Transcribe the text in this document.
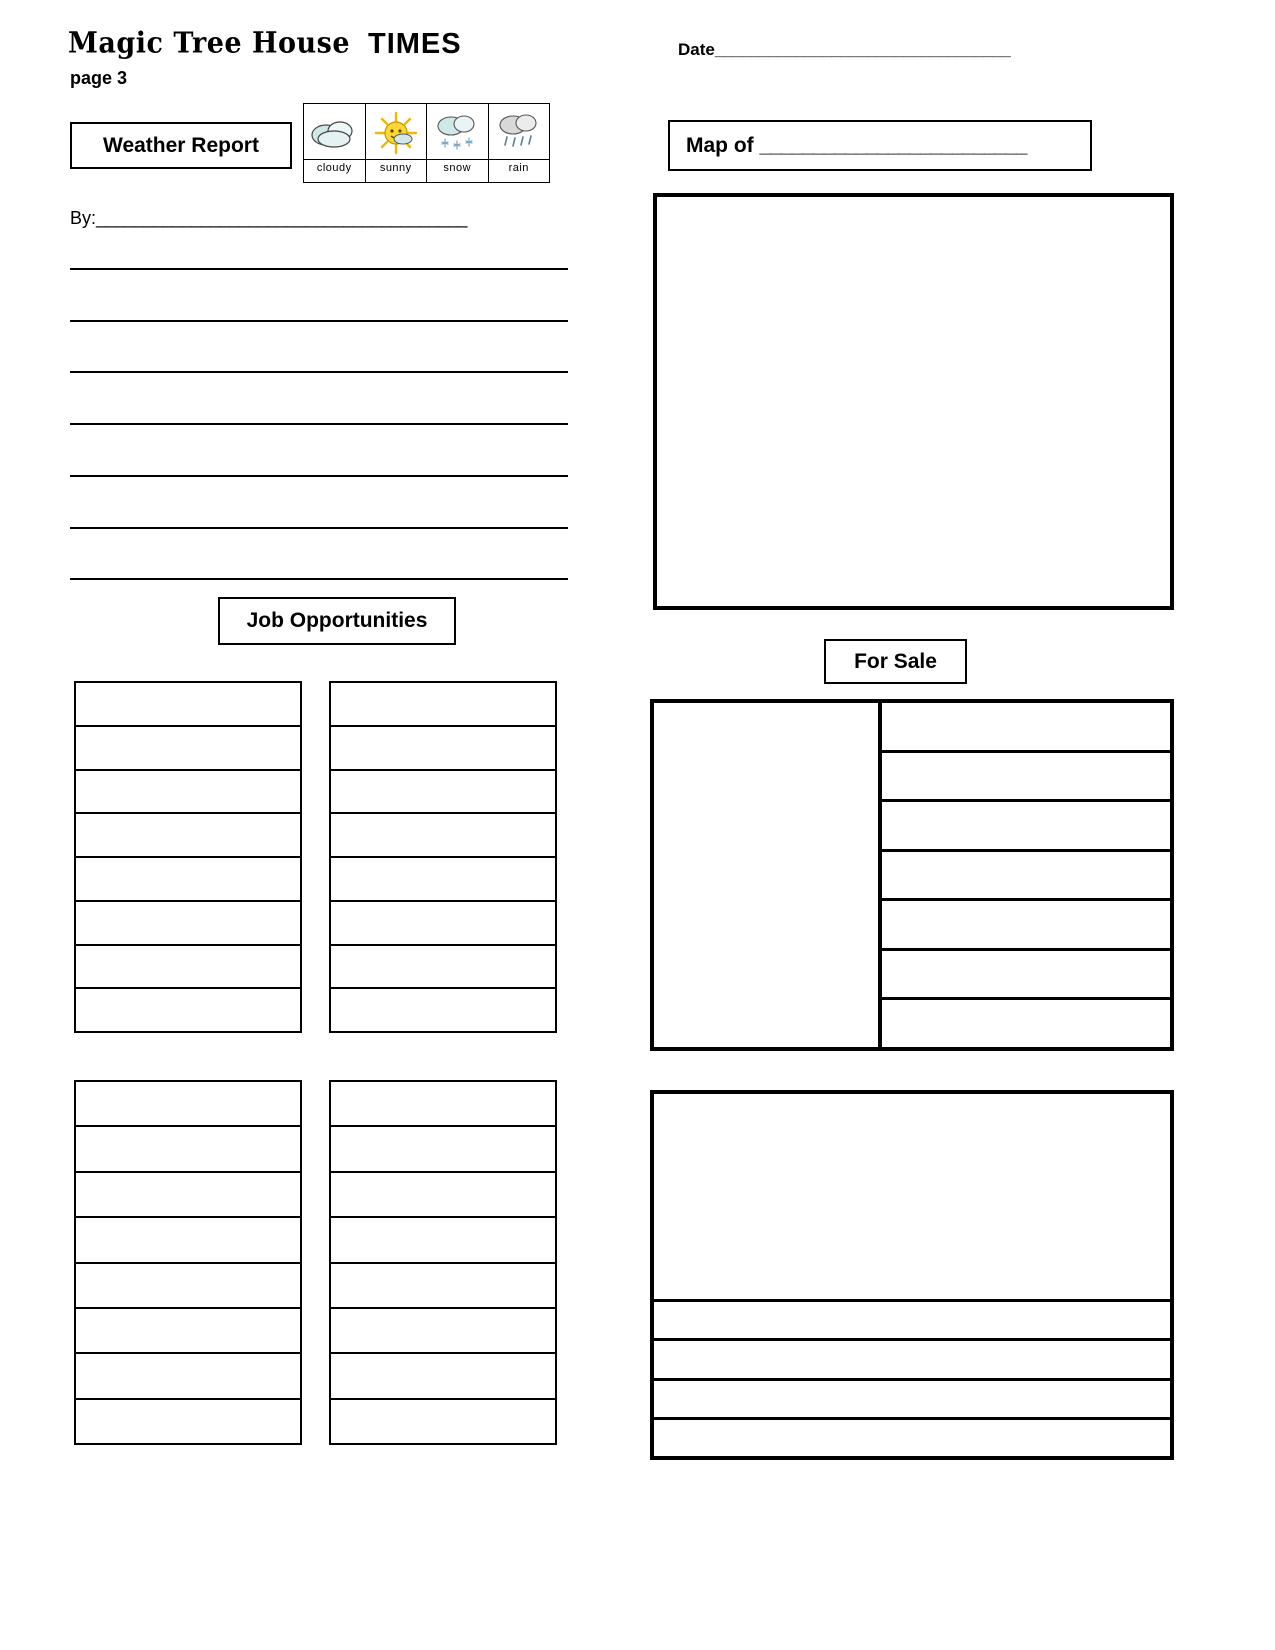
Magic Tree House TIMES
page 3
Date_________________________________
Weather Report
cloudy	sunny	snow	rain
By:_______________________________________
Job Opportunities
Map of
_________________________
For Sale
